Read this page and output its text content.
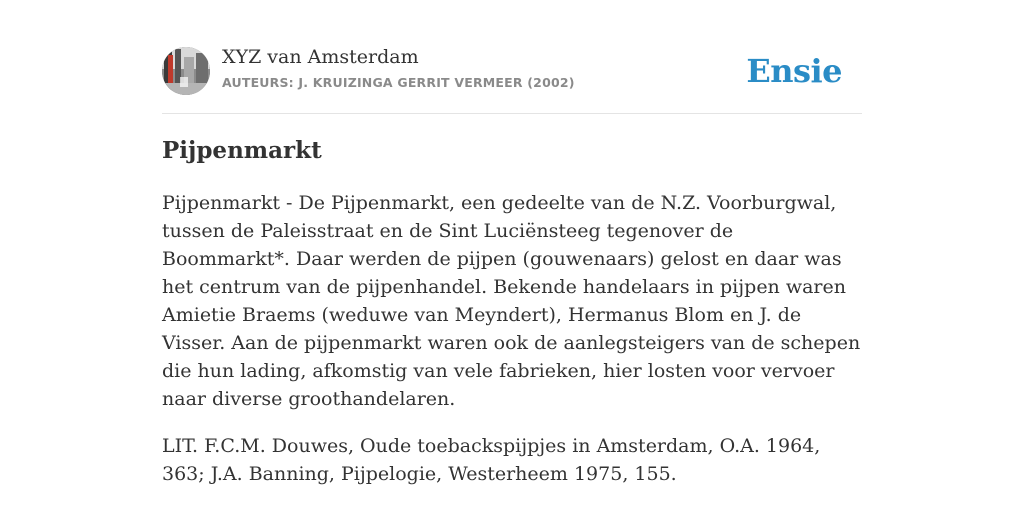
XYZ van Amsterdam
AUTEURS: J. KRUIZINGA GERRIT VERMEER (2002)	Ensie
Pijpenmarkt

Pijpenmarkt - De Pijpenmarkt, een gedeelte van de N.Z. Voorburgwal, tussen de Paleisstraat en de Sint Luciënsteeg tegenover de Boommarkt*. Daar werden de pijpen (gouwenaars) gelost en daar was het centrum van de pijpenhandel. Bekende handelaars in pijpen waren Amietie Braems (weduwe van Meyndert), Hermanus Blom en J. de Visser. Aan de pijpenmarkt waren ook de aanlegsteigers van de schepen die hun lading, afkomstig van vele fabrieken, hier losten voor vervoer naar diverse groothandelaren.

LIT. F.C.M. Douwes, Oude toebackspijpjes in Amsterdam, O.A. 1964, 363; J.A. Banning, Pijpelogie, Westerheem 1975, 155.
